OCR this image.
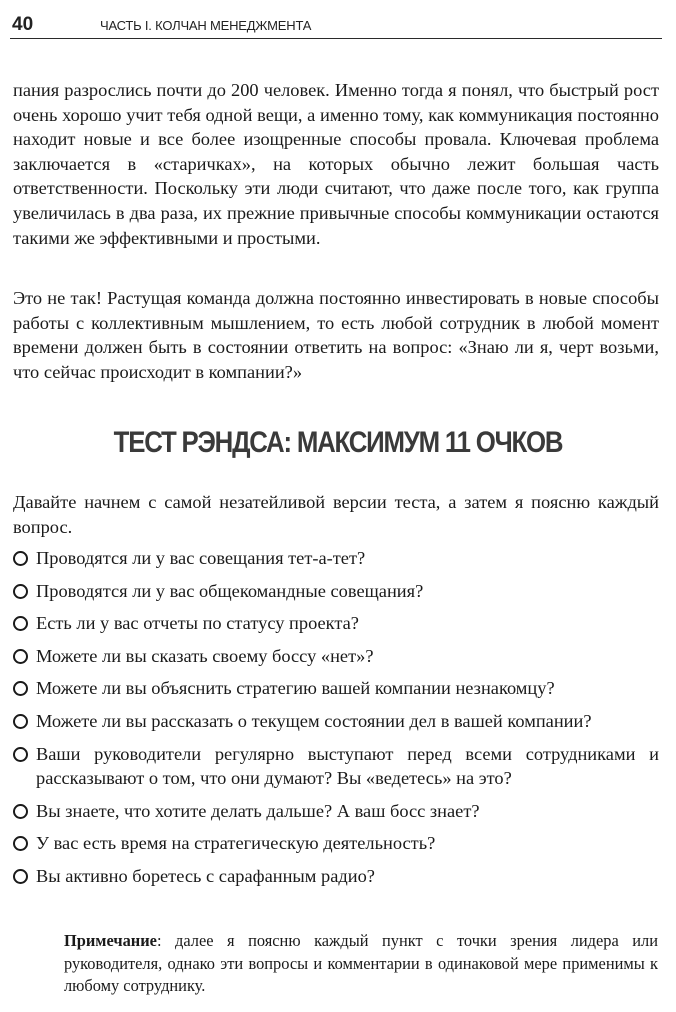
40	ЧАСТЬ I. КОЛЧАН МЕНЕДЖМЕНТА

пания разрослись почти до 200 человек. Именно тогда я понял, что быстрый рост очень хорошо учит тебя одной вещи, а именно тому, как коммуникация постоянно находит новые и все более изощренные способы провала. Ключевая проблема заключается в «старичках», на которых обычно лежит большая часть ответственности. Поскольку эти люди считают, что даже после того, как группа увеличилась в два раза, их прежние привычные способы коммуникации остаются такими же эффективными и простыми.

Это не так! Растущая команда должна постоянно инвестировать в новые способы работы с коллективным мышлением, то есть любой сотрудник в любой момент времени должен быть в состоянии ответить на вопрос: «Знаю ли я, черт возьми, что сейчас происходит в компании?»

ТЕСТ РЭНДСА: МАКСИМУМ 11 ОЧКОВ

Давайте начнем с самой незатейливой версии теста, а затем я поясню каждый вопрос.

Проводятся ли у вас совещания тет-а-тет?
Проводятся ли у вас общекомандные совещания?
Есть ли у вас отчеты по статусу проекта?
Можете ли вы сказать своему боссу «нет»?
Можете ли вы объяснить стратегию вашей компании незнакомцу?
Можете ли вы рассказать о текущем состоянии дел в вашей компании?
Ваши руководители регулярно выступают перед всеми сотрудниками и рассказывают о том, что они думают? Вы «ведетесь» на это?
Вы знаете, что хотите делать дальше? А ваш босс знает?
У вас есть время на стратегическую деятельность?
Вы активно боретесь с сарафанным радио?

Примечание: далее я поясню каждый пункт с точки зрения лидера или руководителя, однако эти вопросы и комментарии в одинаковой мере применимы к любому сотруднику.
